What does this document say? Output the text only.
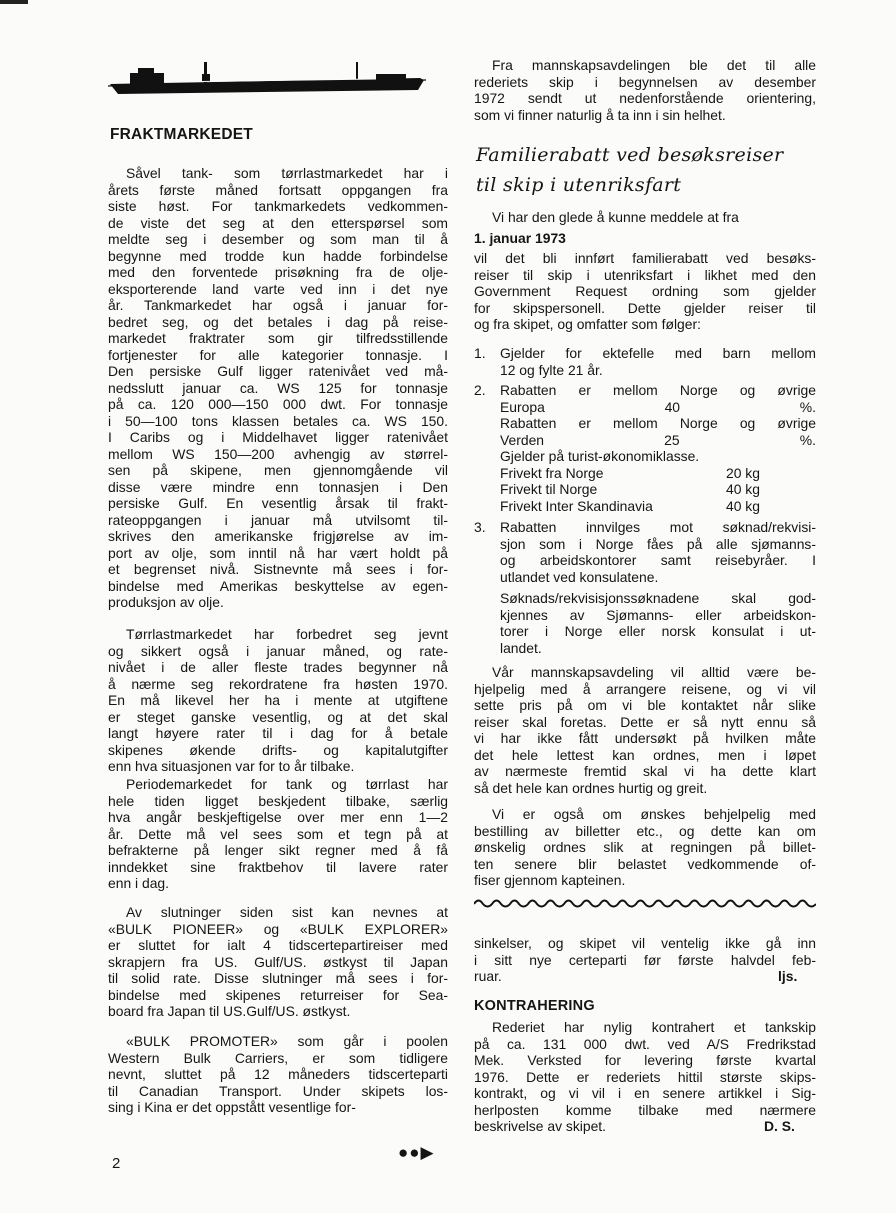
FRAKTMARKEDET
Såvel tank- som tørrlastmarkedet har i
årets første måned fortsatt oppgangen fra
siste høst. For tankmarkedets vedkommen-
de viste det seg at den etterspørsel som
meldte seg i desember og som man til å
begynne med trodde kun hadde forbindelse
med den forventede prisøkning fra de olje-
eksporterende land varte ved inn i det nye
år. Tankmarkedet har også i januar for-
bedret seg, og det betales i dag på reise-
markedet fraktrater som gir tilfredsstillende
fortjenester for alle kategorier tonnasje. I
Den persiske Gulf ligger ratenivået ved må-
nedsslutt januar ca. WS 125 for tonnasje
på ca. 120 000—150 000 dwt. For tonnasje
i 50—100 tons klassen betales ca. WS 150.
I Caribs og i Middelhavet ligger ratenivået
mellom WS 150—200 avhengig av størrel-
sen på skipene, men gjennomgående vil
disse være mindre enn tonnasjen i Den
persiske Gulf. En vesentlig årsak til frakt-
rateoppgangen i januar må utvilsomt til-
skrives den amerikanske frigjørelse av im-
port av olje, som inntil nå har vært holdt på
et begrenset nivå. Sistnevnte må sees i for-
bindelse med Amerikas beskyttelse av egen-
produksjon av olje.
Tørrlastmarkedet har forbedret seg jevnt
og sikkert også i januar måned, og rate-
nivået i de aller fleste trades begynner nå
å nærme seg rekordratene fra høsten 1970.
En må likevel her ha i mente at utgiftene
er steget ganske vesentlig, og at det skal
langt høyere rater til i dag for å betale
skipenes økende drifts- og kapitalutgifter
enn hva situasjonen var for to år tilbake.
Periodemarkedet for tank og tørrlast har
hele tiden ligget beskjedent tilbake, særlig
hva angår beskjeftigelse over mer enn 1—2
år. Dette må vel sees som et tegn på at
befrakterne på lenger sikt regner med å få
inndekket sine fraktbehov til lavere rater
enn i dag.
Av slutninger siden sist kan nevnes at
«BULK PIONEER» og «BULK EXPLORER»
er sluttet for ialt 4 tidscertepartireiser med
skrapjern fra US. Gulf/US. østkyst til Japan
til solid rate. Disse slutninger må sees i for-
bindelse med skipenes returreiser for Sea-
board fra Japan til US.Gulf/US. østkyst.
«BULK PROMOTER» som går i poolen
Western Bulk Carriers, er som tidligere
nevnt, sluttet på 12 måneders tidscerteparti
til Canadian Transport. Under skipets los-
sing i Kina er det oppstått vesentlige for-
●●▶
2
Fra mannskapsavdelingen ble det til alle
rederiets skip i begynnelsen av desember
1972 sendt ut nedenforstående orientering,
som vi finner naturlig å ta inn i sin helhet.
Familierabatt ved besøksreiser
til skip i utenriksfart
Vi har den glede å kunne meddele at fra
1. januar 1973
vil det bli innført familierabatt ved besøks-
reiser til skip i utenriksfart i likhet med den
Government Request ordning som gjelder
for skipspersonell. Dette gjelder reiser til
og fra skipet, og omfatter som følger:
1. Gjelder for ektefelle med barn mellom
12 og fylte 21 år.
2. Rabatten er mellom Norge og øvrige
Europa 40 %.
Rabatten er mellom Norge og øvrige
Verden 25 %.
Gjelder på turist-økonomiklasse.
Frivekt fra Norge	20 kg
Frivekt til Norge	40 kg
Frivekt Inter Skandinavia	40 kg
3. Rabatten innvilges mot søknad/rekvisi-
sjon som i Norge fåes på alle sjømanns-
og arbeidskontorer samt reisebyråer. I
utlandet ved konsulatene.
Søknads/rekvisisjonssøknadene skal god-
kjennes av Sjømanns- eller arbeidskon-
torer i Norge eller norsk konsulat i ut-
landet.
Vår mannskapsavdeling vil alltid være be-
hjelpelig med å arrangere reisene, og vi vil
sette pris på om vi ble kontaktet når slike
reiser skal foretas. Dette er så nytt ennu så
vi har ikke fått undersøkt på hvilken måte
det hele lettest kan ordnes, men i løpet
av nærmeste fremtid skal vi ha dette klart
så det hele kan ordnes hurtig og greit.
Vi er også om ønskes behjelpelig med
bestilling av billetter etc., og dette kan om
ønskelig ordnes slik at regningen på billet-
ten senere blir belastet vedkommende of-
fiser gjennom kapteinen.
sinkelser, og skipet vil ventelig ikke gå inn
i sitt nye certeparti før første halvdel feb-
ruar.	ljs.
KONTRAHERING
Rederiet har nylig kontrahert et tankskip
på ca. 131 000 dwt. ved A/S Fredrikstad
Mek. Verksted for levering første kvartal
1976. Dette er rederiets hittil største skips-
kontrakt, og vi vil i en senere artikkel i Sig-
herlposten komme tilbake med nærmere
beskrivelse av skipet.	D. S.
